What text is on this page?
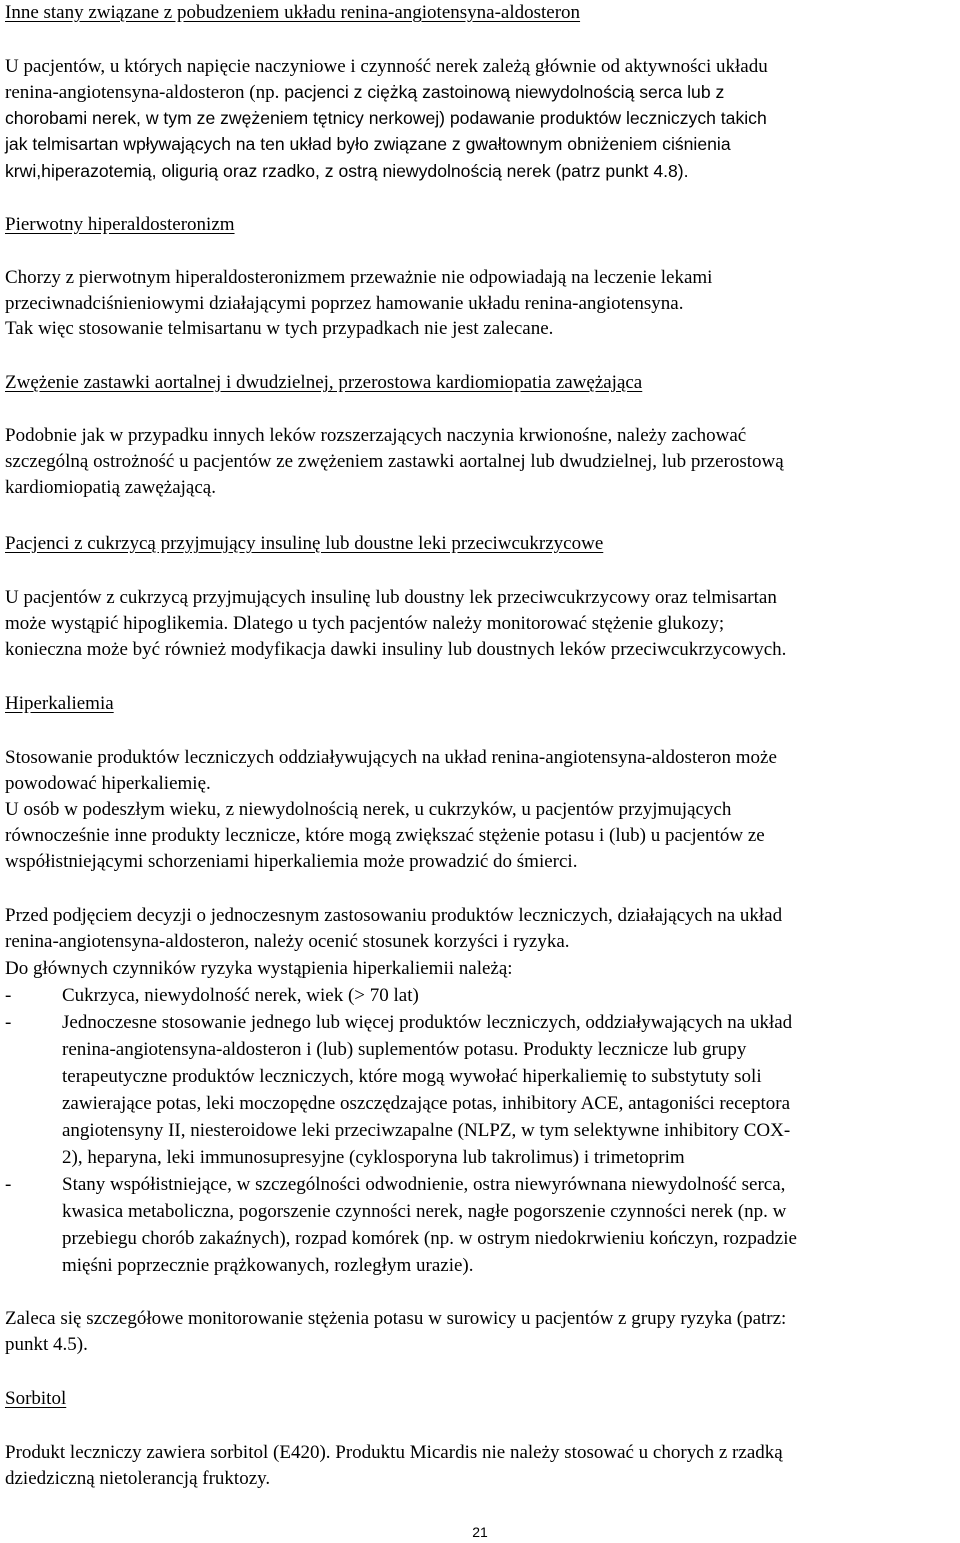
Inne stany związane z pobudzeniem układu renina-angiotensyna-aldosteron
U pacjentów, u których napięcie naczyniowe i czynność nerek zależą głównie od aktywności układu
renina-angiotensyna-aldosteron (np. pacjenci z ciężką zastoinową niewydolnością serca lub z
chorobami nerek, w tym ze zwężeniem tętnicy nerkowej) podawanie produktów leczniczych takich
jak telmisartan wpływających na ten układ było związane z gwałtownym obniżeniem ciśnienia
krwi,hiperazotemią, oligurią oraz rzadko, z ostrą niewydolnością nerek (patrz punkt 4.8).
Pierwotny hiperaldosteronizm
Chorzy z pierwotnym hiperaldosteronizmem przeważnie nie odpowiadają na leczenie lekami
przeciwnadciśnieniowymi działającymi poprzez hamowanie układu renina-angiotensyna.
Tak więc stosowanie telmisartanu w tych przypadkach nie jest zalecane.
Zwężenie zastawki aortalnej i dwudzielnej, przerostowa kardiomiopatia zawężająca
Podobnie jak w przypadku innych leków rozszerzających naczynia krwionośne, należy zachować
szczególną ostrożność u pacjentów ze zwężeniem zastawki aortalnej lub dwudzielnej, lub przerostową
kardiomiopatią zawężającą.
Pacjenci z cukrzycą przyjmujący insulinę lub doustne leki przeciwcukrzycowe
U pacjentów z cukrzycą przyjmujących insulinę lub doustny lek przeciwcukrzycowy oraz telmisartan
może wystąpić hipoglikemia. Dlatego u tych pacjentów należy monitorować stężenie glukozy;
konieczna może być również modyfikacja dawki insuliny lub doustnych leków przeciwcukrzycowych.
Hiperkaliemia
Stosowanie produktów leczniczych oddziaływujących na układ renina-angiotensyna-aldosteron może
powodować hiperkaliemię.
U osób w podeszłym wieku, z niewydolnością nerek, u cukrzyków, u pacjentów przyjmujących
równocześnie inne produkty lecznicze, które mogą zwiększać stężenie potasu i (lub) u pacjentów ze
współistniejącymi schorzeniami hiperkaliemia może prowadzić do śmierci.
Przed podjęciem decyzji o jednoczesnym zastosowaniu produktów leczniczych, działających na układ
renina-angiotensyna-aldosteron, należy ocenić stosunek korzyści i ryzyka.
Do głównych czynników ryzyka wystąpienia hiperkaliemii należą:
-	Cukrzyca, niewydolność nerek, wiek (> 70 lat)
-	Jednoczesne stosowanie jednego lub więcej produktów leczniczych, oddziaływających na układ
renina-angiotensyna-aldosteron i (lub) suplementów potasu. Produkty lecznicze lub grupy
terapeutyczne produktów leczniczych, które mogą wywołać hiperkaliemię to substytuty soli
zawierające potas, leki moczopędne oszczędzające potas, inhibitory ACE, antagoniści receptora
angiotensyny II, niesteroidowe leki przeciwzapalne (NLPZ, w tym selektywne inhibitory COX-
2), heparyna, leki immunosupresyjne (cyklosporyna lub takrolimus) i trimetoprim
-	Stany współistniejące, w szczególności odwodnienie, ostra niewyrównana niewydolność serca,
kwasica metaboliczna, pogorszenie czynności nerek, nagłe pogorszenie czynności nerek (np. w
przebiegu chorób zakaźnych), rozpad komórek (np. w ostrym niedokrwieniu kończyn, rozpadzie
mięśni poprzecznie prążkowanych, rozległym urazie).
Zaleca się szczegółowe monitorowanie stężenia potasu w surowicy u pacjentów z grupy ryzyka (patrz:
punkt 4.5).
Sorbitol
Produkt leczniczy zawiera sorbitol (E420). Produktu Micardis nie należy stosować u chorych z rzadką
dziedziczną nietolerancją fruktozy.
21
